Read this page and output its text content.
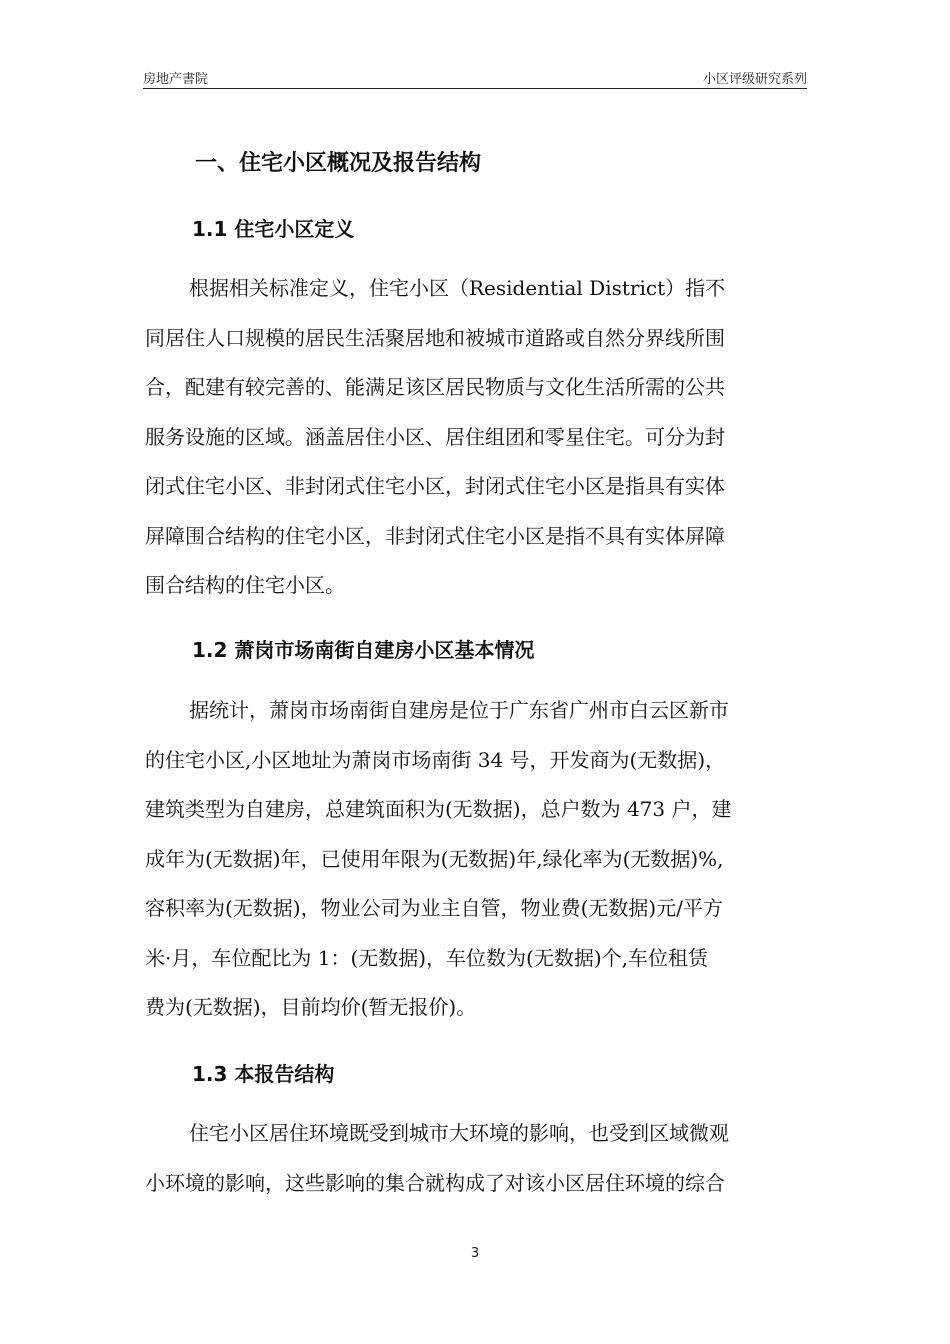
房地产書院	小区评级研究系列
一、住宅小区概况及报告结构
1.1 住宅小区定义
根据相关标准定义，住宅小区（Residential District）指不
同居住人口规模的居民生活聚居地和被城市道路或自然分界线所围
合，配建有较完善的、能满足该区居民物质与文化生活所需的公共
服务设施的区域。涵盖居住小区、居住组团和零星住宅。可分为封
闭式住宅小区、非封闭式住宅小区，封闭式住宅小区是指具有实体
屏障围合结构的住宅小区，非封闭式住宅小区是指不具有实体屏障
围合结构的住宅小区。
1.2 萧岗市场南街自建房小区基本情况
据统计，萧岗市场南街自建房是位于广东省广州市白云区新市
的住宅小区,小区地址为萧岗市场南街 34 号，开发商为(无数据)，
建筑类型为自建房，总建筑面积为(无数据)，总户数为 473 户，建
成年为(无数据)年，已使用年限为(无数据)年,绿化率为(无数据)%,
容积率为(无数据)，物业公司为业主自管，物业费(无数据)元/平方
米·月，车位配比为 1：(无数据)，车位数为(无数据)个,车位租赁
费为(无数据)，目前均价(暂无报价)。
1.3 本报告结构
住宅小区居住环境既受到城市大环境的影响，也受到区域微观
小环境的影响，这些影响的集合就构成了对该小区居住环境的综合
3
